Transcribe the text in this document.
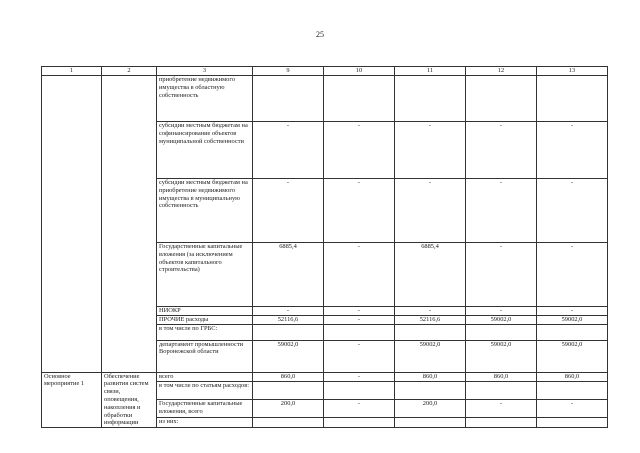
25
1	2	3	9	10	11	12	13
		приобретение недвижимого имущества в областную собственность					
		субсидии местным бюджетам на софинансирование объектов муниципальной собственности	-	-	-	-	-
		субсидии местным бюджетам на приобретение недвижимого имущества в муниципальную собственность	-	-	-	-	-
		Государственные капитальные вложения (за исключением объектов капитального строительства)	6885,4	-	6885,4	-	-
		НИОКР	-	-	-	-	-
		ПРОЧИЕ расходы	52116,6	-	52116,6	59002,0	59002,0
		в том числе по ГРБС:					
		департамент промышленности Воронежской области	59002,0	-	59002,0	59002,0	59002,0
Основное мероприятие 1	Обеспечение развития систем связи, оповещения, накопления и обработки информации	всего	860,0	-	860,0	860,0	860,0
		в том числе по статьям расходов:					
		Государственные капитальные вложения, всего	200,0	-	200,0	-	-
		из них:					
